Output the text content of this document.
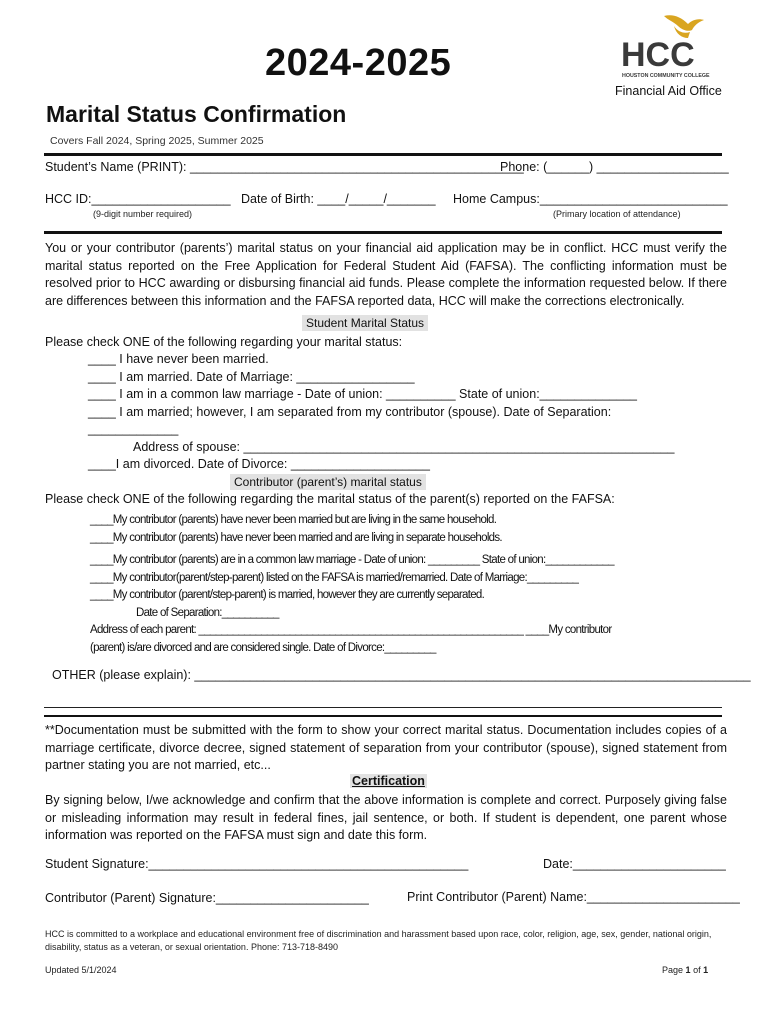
2024-2025	HCC
HOUSTON COMMUNITY COLLEGE
Financial Aid Office
Marital Status Confirmation
Covers Fall 2024, Spring 2025, Summer 2025
Student’s Name (PRINT): ________________________________________________
Phone: (______) ___________________
HCC ID:____________________ Date of Birth: ____/_____/_______ Home Campus:___________________________
(9-digit number required)	(Primary location of attendance)
You or your contributor (parents’) marital status on your financial aid application may be in conflict. HCC must verify the marital status reported on the Free Application for Federal Student Aid (FAFSA). The conflicting information must be resolved prior to HCC awarding or disbursing financial aid funds. Please complete the information requested below. If there are differences between this information and the FAFSA reported data, HCC will make the corrections electronically.
Student Marital Status
Please check ONE of the following regarding your marital status:
____ I have never been married.
____ I am married. Date of Marriage: _________________
____ I am in a common law marriage - Date of union: __________ State of union:______________
____ I am married; however, I am separated from my contributor (spouse). Date of Separation:
_____________
Address of spouse: ______________________________________________________________
____I am divorced. Date of Divorce: ____________________
Contributor (parent’s) marital status
Please check ONE of the following regarding the marital status of the parent(s) reported on the FAFSA:
____My contributor (parents) have never been married but are living in the same household.
____My contributor (parents) have never been married and are living in separate households.
____My contributor (parents) are in a common law marriage - Date of union: _________ State of union:____________
____My contributor(parent/step-parent) listed on the FAFSA is married/remarried. Date of Marriage:_________
____My contributor (parent/step-parent) is married, however they are currently separated.
Date of Separation:__________
Address of each parent: _________________________________________________________ ____My contributor
(parent) is/are divorced and are considered single. Date of Divorce:_________
OTHER (please explain): ________________________________________________________________________________
**Documentation must be submitted with the form to show your correct marital status. Documentation includes copies of a marriage certificate, divorce decree, signed statement of separation from your contributor (spouse), signed statement from partner stating you are not married, etc...
Certification
By signing below, I/we acknowledge and confirm that the above information is complete and correct. Purposely giving false or misleading information may result in federal fines, jail sentence, or both. If student is dependent, one parent whose information was reported on the FAFSA must sign and date this form.
Student Signature:______________________________________________	Date:______________________
Contributor (Parent) Signature:______________________	Print Contributor (Parent) Name:______________________
HCC is committed to a workplace and educational environment free of discrimination and harassment based upon race, color, religion, age, sex, gender, national origin, disability, status as a veteran, or sexual orientation. Phone: 713-718-8490
Updated 5/1/2024	Page 1 of 1
